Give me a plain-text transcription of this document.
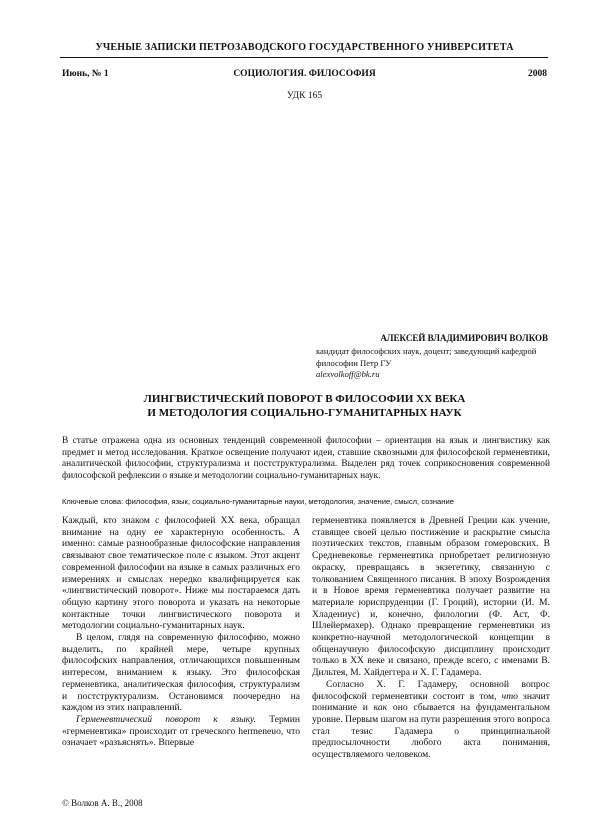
УЧЕНЫЕ ЗАПИСКИ ПЕТРОЗАВОДСКОГО ГОСУДАРСТВЕННОГО УНИВЕРСИТЕТА
Июнь, № 1	СОЦИОЛОГИЯ. ФИЛОСОФИЯ	2008
УДК 165
АЛЕКСЕЙ ВЛАДИМИРОВИЧ ВОЛКОВ
кандидат философских наук, доцент; заведующий кафедрой философии Петр ГУ
alexvolkoff@bk.ru
ЛИНГВИСТИЧЕСКИЙ ПОВОРОТ В ФИЛОСОФИИ XX ВЕКА
И МЕТОДОЛОГИЯ СОЦИАЛЬНО-ГУМАНИТАРНЫХ НАУК
В статье отражена одна из основных тенденций современной философии – ориентация на язык и лингвистику как предмет и метод исследования. Краткое освещение получают идеи, ставшие сквозными для философской герменевтики, аналитической философии, структурализма и постструктурализма. Выделен ряд точек соприкосновения современной философской рефлексии о языке и методологии социально-гуманитарных наук.
Ключевые слова: философия, язык, социально-гуманитарные науки, методология, значение, смысл, сознание

Каждый, кто знаком с философией XX века, обращал внимание на одну ее характерную особенность. А именно: самые разнообразные философские направления связывают свое тематическое поле с языком. Этот акцент современной философии на языке в самых различных его измерениях и смыслах нередко квалифицируется как «лингвистический поворот». Ниже мы постараемся дать общую картину этого поворота и указать на некоторые контактные точки лингвистического поворота и методологии социально-гуманитарных наук.

В целом, глядя на современную философию, можно выделить, по крайней мере, четыре крупных философских направления, отличающихся повышенным интересом, вниманием к языку. Это философская герменевтика, аналитическая философия, структурализм и постструктурализм. Остановимся поочередно на каждом из этих направлений.

Герменевтический поворот к языку. Термин «герменевтика» происходит от греческого hermeneuo, что означает «разъяснять». Впервые

герменевтика появляется в Древней Греции как учение, ставящее своей целью постижение и раскрытие смысла поэтических текстов, главным образом гомеровских. В Средневековье герменевтика приобретает религиозную окраску, превращаясь в экзегетику, связанную с толкованием Священного писания. В эпоху Возрождения и в Новое время герменевтика получает развитие на материале юриспруденции (Г. Гроций), истории (И. М. Хладениус) и, конечно, филологии (Ф. Аст, Ф. Шлейермахер). Однако превращение герменевтики из конкретно-научной методологической концепции в общенаучную философскую дисциплину происходит только в XX веке и связано, прежде всего, с именами В. Дильтея, М. Хайдеггера и Х. Г. Гадамера.

Согласно Х. Г. Гадамеру, основной вопрос философской герменевтики состоит в том, что значит понимание и как оно сбывается на фундаментальном уровне. Первым шагом на пути разрешения этого вопроса стал тезис Гадамера о принципиальной предпосылочности любого акта понимания, осуществляемого человеком.

© Волков А. В., 2008
